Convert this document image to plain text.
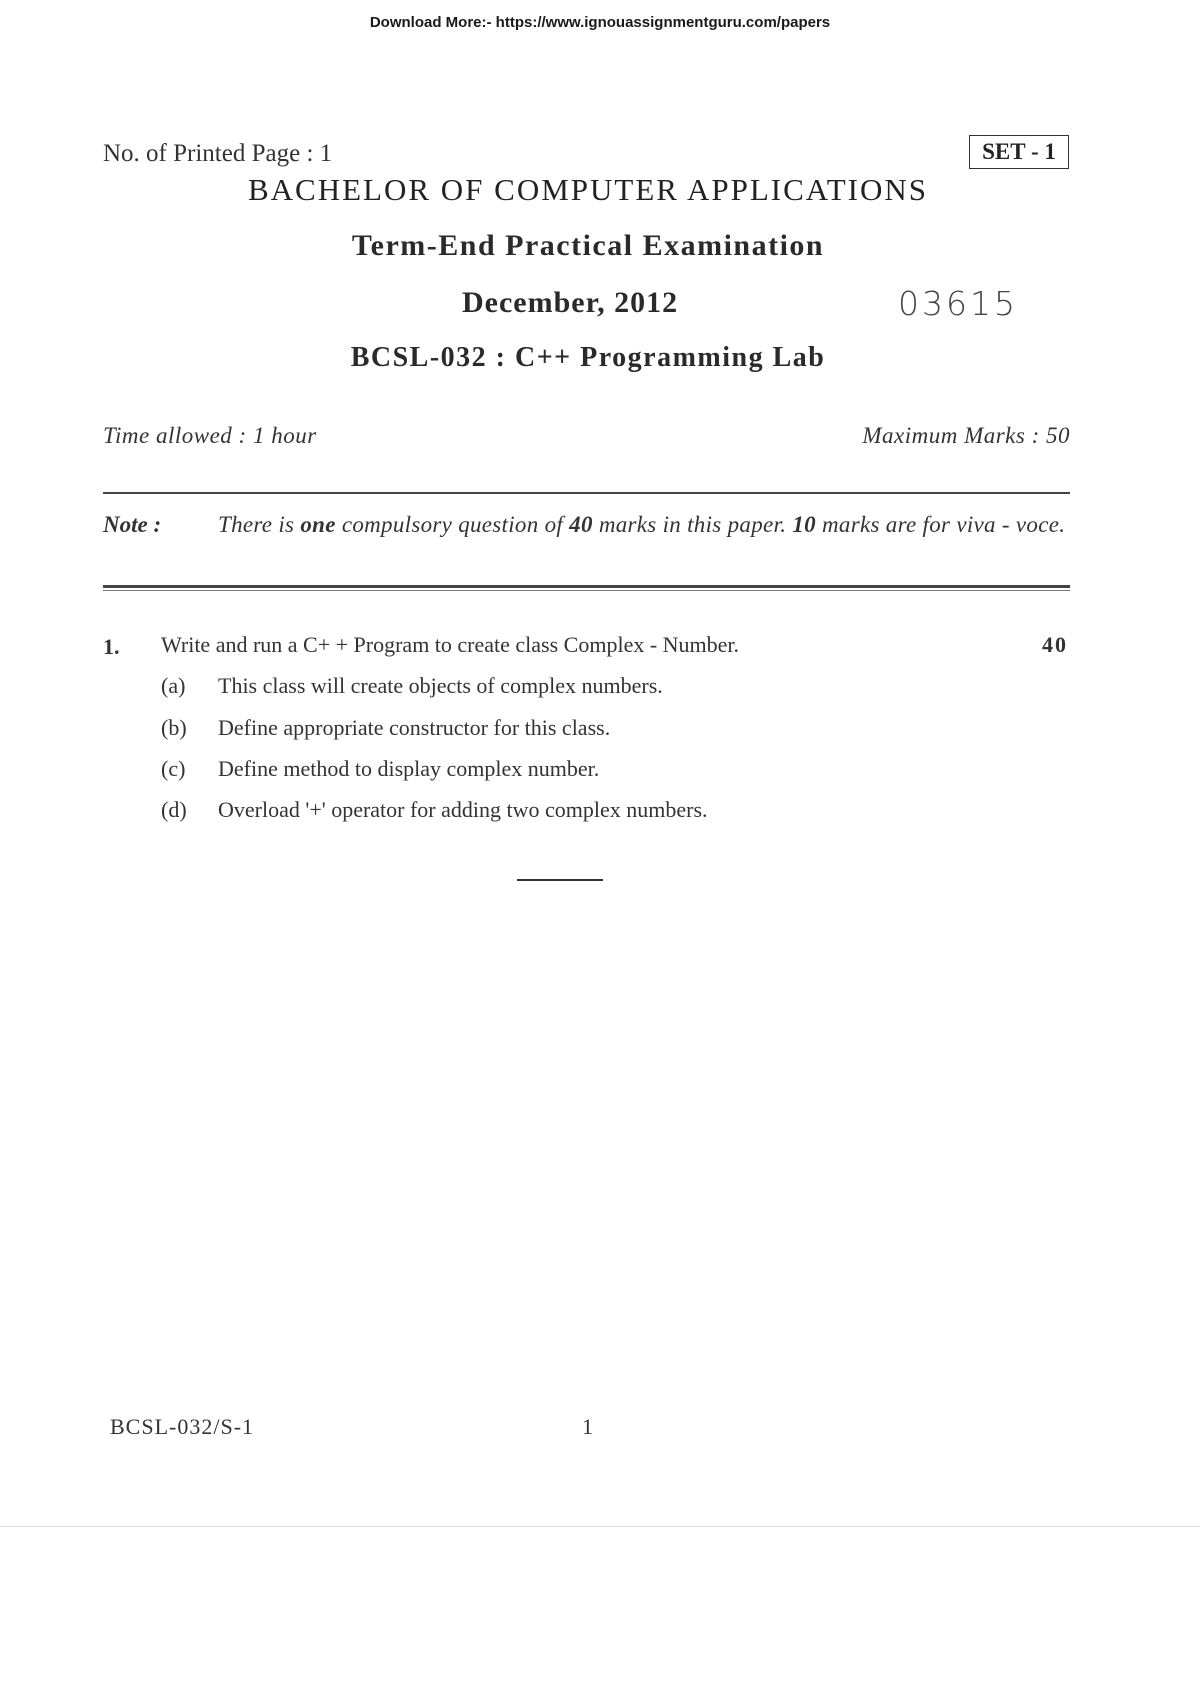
Download More:- https://www.ignouassignmentguru.com/papers
No. of Printed Page : 1	SET - 1
BACHELOR OF COMPUTER APPLICATIONS
Term-End Practical Examination
December, 2012	03615
BCSL-032 : C++ Programming Lab
Time allowed : 1 hour	Maximum Marks : 50
Note : There is one compulsory question of 40 marks in this paper. 10 marks are for viva - voce.
1. Write and run a C+ + Program to create class Complex - Number.	40
(a) This class will create objects of complex numbers.
(b) Define appropriate constructor for this class.
(c) Define method to display complex number.
(d) Overload '+' operator for adding two complex numbers.
BCSL-032/S-1	1
